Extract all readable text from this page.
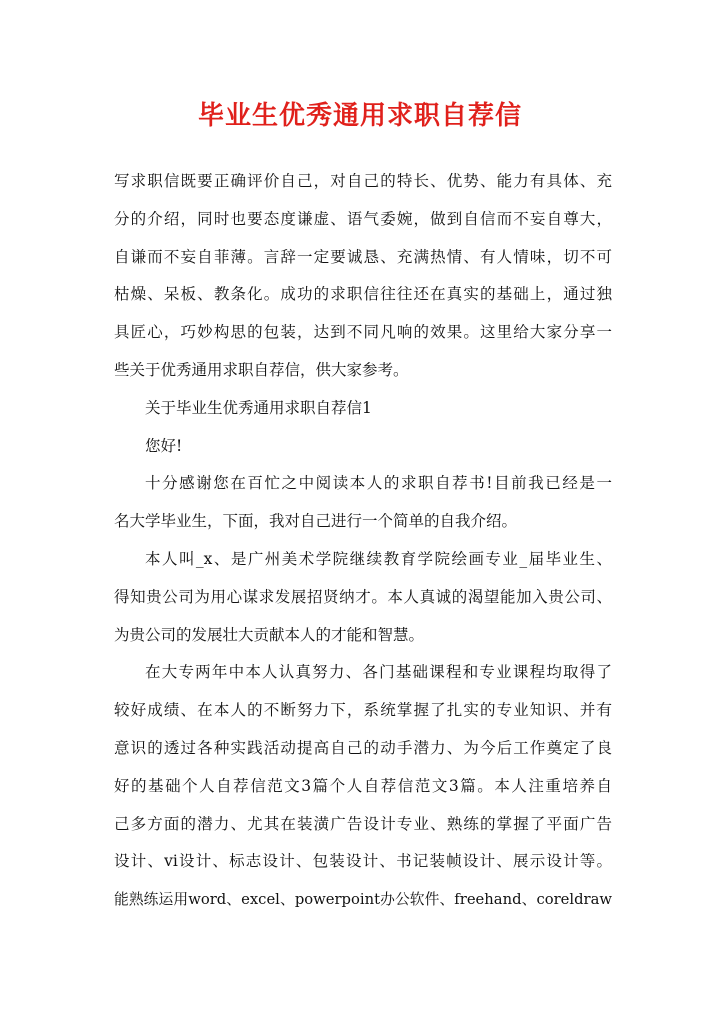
毕业生优秀通用求职自荐信
写求职信既要正确评价自己，对自己的特长、优势、能力有具体、充
分的介绍，同时也要态度谦虚、语气委婉，做到自信而不妄自尊大，
自谦而不妄自菲薄。言辞一定要诚恳、充满热情、有人情味，切不可
枯燥、呆板、教条化。成功的求职信往往还在真实的基础上，通过独
具匠心，巧妙构思的包装，达到不同凡响的效果。这里给大家分享一
些关于优秀通用求职自荐信，供大家参考。
关于毕业生优秀通用求职自荐信1
您好!
十分感谢您在百忙之中阅读本人的求职自荐书!目前我已经是一
名大学毕业生，下面，我对自己进行一个简单的自我介绍。
本人叫_x、是广州美术学院继续教育学院绘画专业_届毕业生、
得知贵公司为用心谋求发展招贤纳才。本人真诚的渴望能加入贵公司、
为贵公司的发展壮大贡献本人的才能和智慧。
在大专两年中本人认真努力、各门基础课程和专业课程均取得了
较好成绩、在本人的不断努力下，系统掌握了扎实的专业知识、并有
意识的透过各种实践活动提高自己的动手潜力、为今后工作奠定了良
好的基础个人自荐信范文3篇个人自荐信范文3篇。本人注重培养自
己多方面的潜力、尤其在装潢广告设计专业、熟练的掌握了平面广告
设计、vi设计、标志设计、包装设计、书记装帧设计、展示设计等。
能熟练运用word、excel、powerpoint办公软件、freehand、coreldraw
